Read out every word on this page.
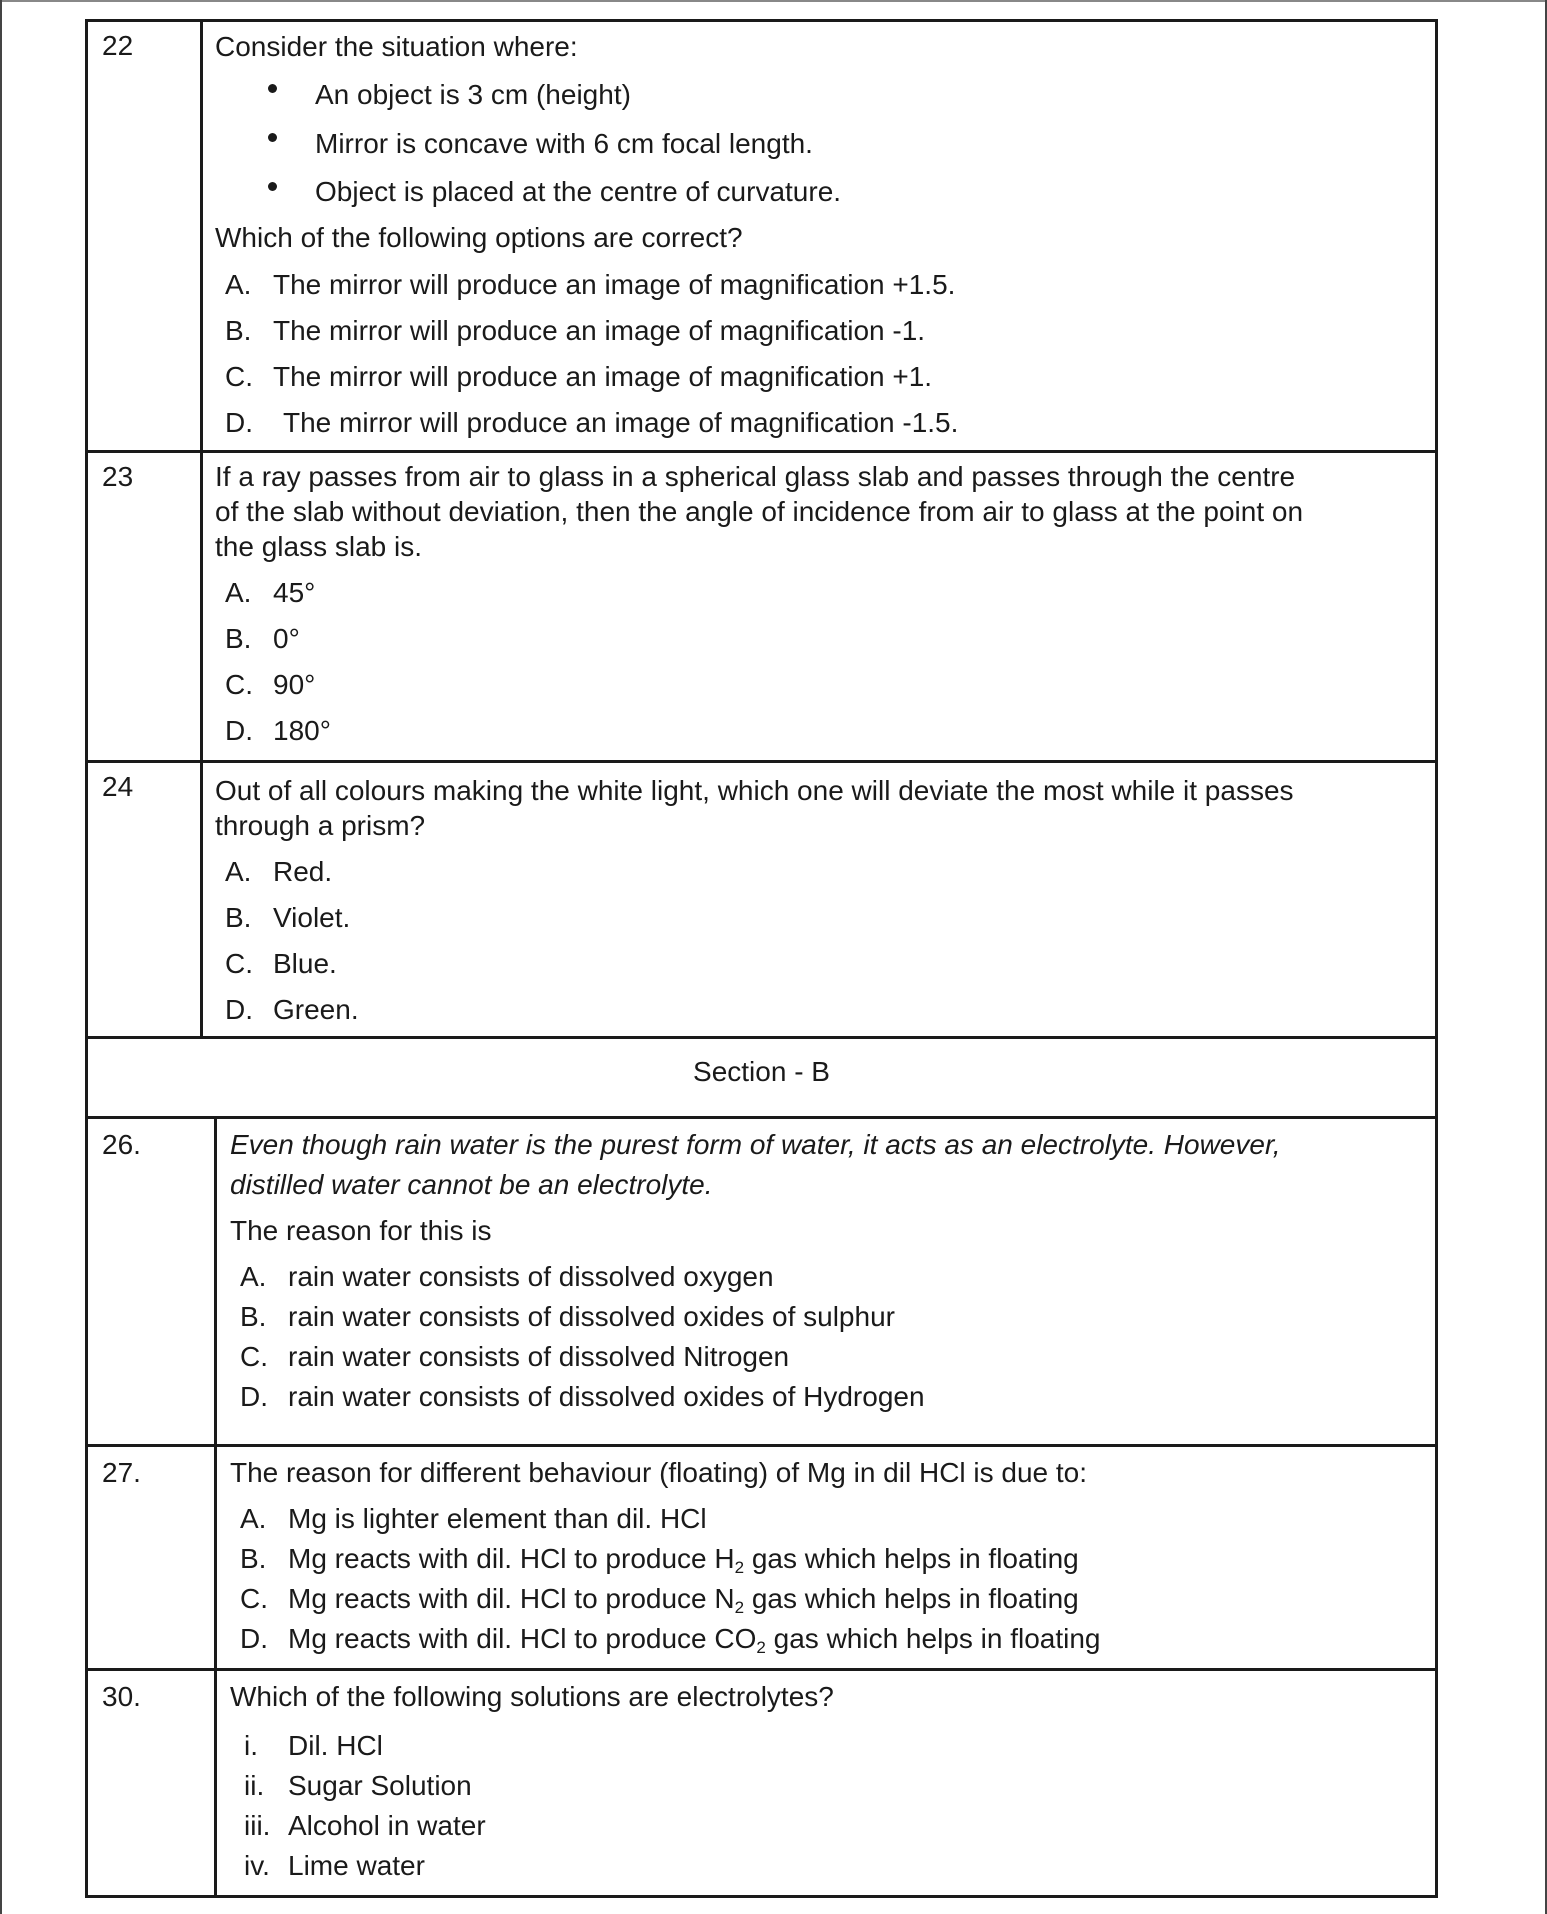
22	Consider the situation where:
An object is 3 cm (height)
Mirror is concave with 6 cm focal length.
Object is placed at the centre of curvature.
Which of the following options are correct?
A. The mirror will produce an image of magnification +1.5.
B. The mirror will produce an image of magnification -1.
C. The mirror will produce an image of magnification +1.
D. The mirror will produce an image of magnification -1.5.
23	If a ray passes from air to glass in a spherical glass slab and passes through the centre
of the slab without deviation, then the angle of incidence from air to glass at the point on
the glass slab is.
A. 45°
B. 0°
C. 90°
D. 180°
24	Out of all colours making the white light, which one will deviate the most while it passes
through a prism?
A. Red.
B. Violet.
C. Blue.
D. Green.
Section - B
26.	Even though rain water is the purest form of water, it acts as an electrolyte. However,
distilled water cannot be an electrolyte.
The reason for this is
A. rain water consists of dissolved oxygen
B. rain water consists of dissolved oxides of sulphur
C. rain water consists of dissolved Nitrogen
D. rain water consists of dissolved oxides of Hydrogen
27.	The reason for different behaviour (floating) of Mg in dil HCl is due to:
A. Mg is lighter element than dil. HCl
B. Mg reacts with dil. HCl to produce $H_2$ gas which helps in floating
C. Mg reacts with dil. HCl to produce $N_2$ gas which helps in floating
D. Mg reacts with dil. HCl to produce $CO_2$ gas which helps in floating
30.	Which of the following solutions are electrolytes?
i. Dil. HCl
ii. Sugar Solution
iii. Alcohol in water
iv. Lime water
